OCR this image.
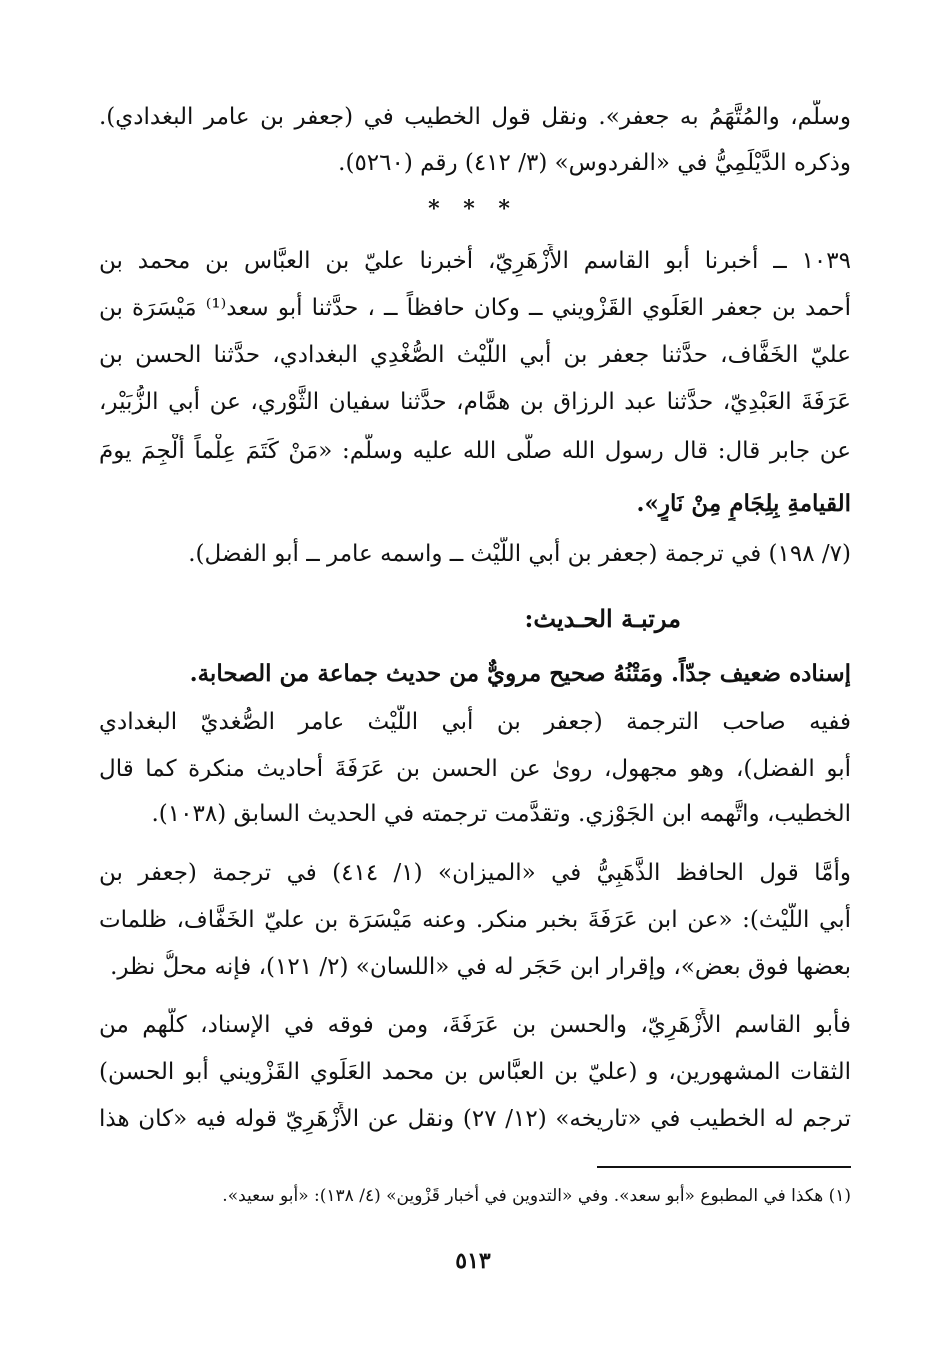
وسلَّم، والمُتَّهَمُ به جعفر». ونقل قول الخطيب في (جعفر بن عامر البغدادي).
وذكره الدَّيْلَمِيُّ في «الفردوس» (٣/ ٤١٢) رقم (٥٢٦٠).
* * *
١٠٣٩ ــ أخبرنا أبو القاسم الأَزْهَرِيّ، أخبرنا عليّ بن العبَّاس بن محمد بن
أحمد بن جعفر العَلَوي القَزْويني ــ وكان حافظاً ــ ، حدَّثنا أبو سعد⁽¹⁾ مَيْسَرَة بن
عليّ الخَفَّاف، حدَّثنا جعفر بن أبي اللَّيْث الصُّغْدِي البغدادي، حدَّثنا الحسن بن
عَرَفَةَ العَبْدِيّ، حدَّثنا عبد الرزاق بن همَّام، حدَّثنا سفيان الثَّوْري، عن أبي الزُّبَيْر،
عن جابر قال: قال رسول الله صلَّى الله عليه وسلَّم: «مَنْ كَتَمَ عِلْماً أُلْجِمَ يومَ
القيامةِ بِلِجَامٍ مِنْ نَارٍ».
(٧/ ١٩٨) في ترجمة (جعفر بن أبي اللَّيْث ــ واسمه عامر ــ أبو الفضل).
مرتبـة الحـديث:
إسناده ضعيف جدّاً. ومَتْنُهُ صحيح مرويٌّ من حديث جماعة من الصحابة.
ففيه صاحب الترجمة (جعفر بن أبي اللَّيْث عامر الصُّغديّ البغدادي
أبو الفضل)، وهو مجهول، روىٰ عن الحسن بن عَرَفَةَ أحاديث منكرة كما قال
الخطيب، واتَّهمه ابن الجَوْزي. وتقدَّمت ترجمته في الحديث السابق (١٠٣٨).
وأمَّا قول الحافظ الذَّهَبِيُّ في «الميزان» (١/ ٤١٤) في ترجمة (جعفر بن
أبي اللَّيْث): «عن ابن عَرَفَةَ بخبر منكر. وعنه مَيْسَرَة بن عليّ الخَفَّاف، ظلمات
بعضها فوق بعض»، وإقرار ابن حَجَر له في «اللسان» (٢/ ١٢١)، فإنه محلُّ نظر.
فأبو القاسم الأَزْهَرِيّ، والحسن بن عَرَفَةَ، ومن فوقه في الإسناد، كلُّهم من
الثقات المشهورين، و (عليّ بن العبَّاس بن محمد العَلَوي القَزْويني أبو الحسن)
ترجم له الخطيب في «تاريخه» (١٢/ ٢٧) ونقل عن الأَزْهَرِيّ قوله فيه «كان هذا
(١) هكذا في المطبوع «أبو سعد». وفي «التدوين في أخبار قَزْوين» (٤/ ١٣٨): «أبو سعيد».
٥١٣
